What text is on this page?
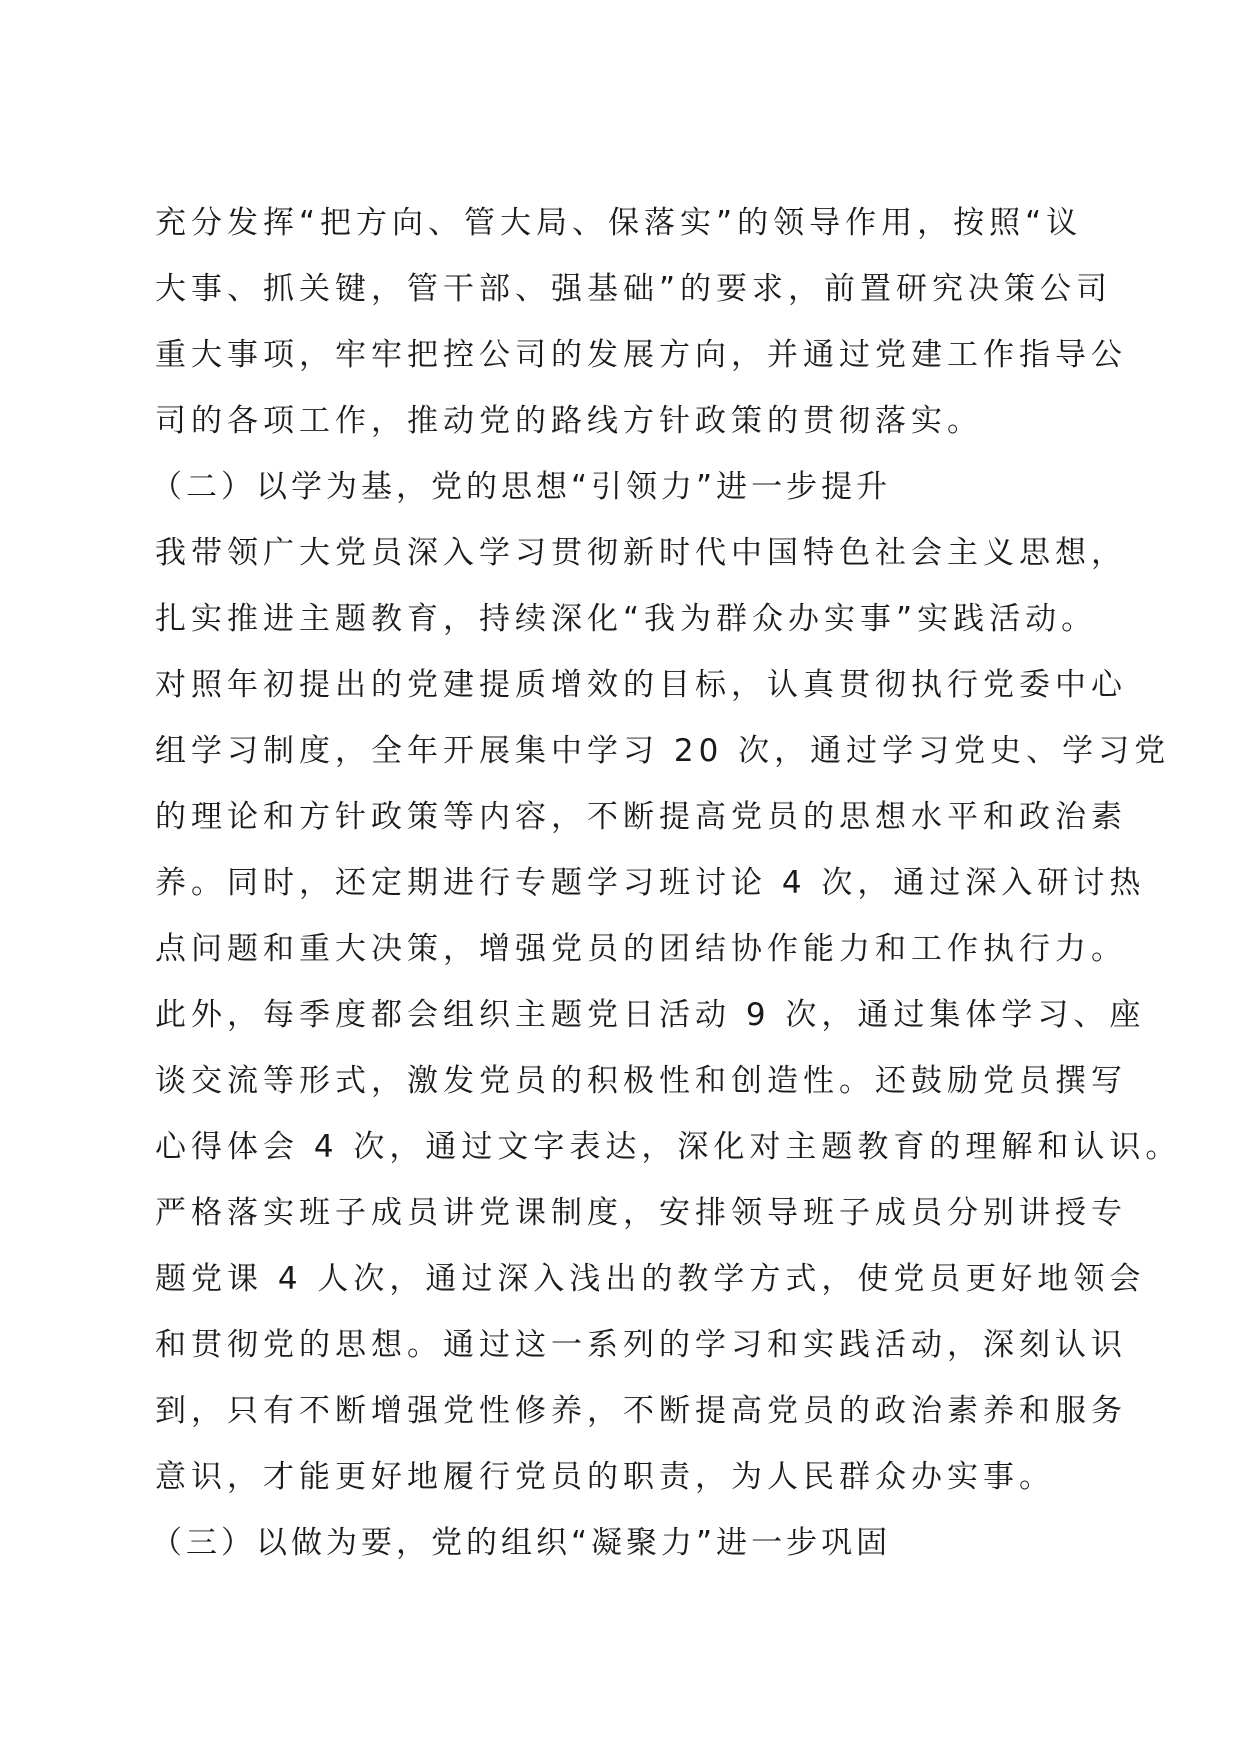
充分发挥“把方向、管大局、保落实”的领导作用，按照“议
大事、抓关键，管干部、强基础”的要求，前置研究决策公司
重大事项，牢牢把控公司的发展方向，并通过党建工作指导公
司的各项工作，推动党的路线方针政策的贯彻落实。
（二）以学为基，党的思想“引领力”进一步提升
我带领广大党员深入学习贯彻新时代中国特色社会主义思想，
扎实推进主题教育，持续深化“我为群众办实事”实践活动。
对照年初提出的党建提质增效的目标，认真贯彻执行党委中心
组学习制度，全年开展集中学习 20 次，通过学习党史、学习党
的理论和方针政策等内容，不断提高党员的思想水平和政治素
养。同时，还定期进行专题学习班讨论 4 次，通过深入研讨热
点问题和重大决策，增强党员的团结协作能力和工作执行力。
此外，每季度都会组织主题党日活动 9 次，通过集体学习、座
谈交流等形式，激发党员的积极性和创造性。还鼓励党员撰写
心得体会 4 次，通过文字表达，深化对主题教育的理解和认识。
严格落实班子成员讲党课制度，安排领导班子成员分别讲授专
题党课 4 人次，通过深入浅出的教学方式，使党员更好地领会
和贯彻党的思想。通过这一系列的学习和实践活动，深刻认识
到，只有不断增强党性修养，不断提高党员的政治素养和服务
意识，才能更好地履行党员的职责，为人民群众办实事。
（三）以做为要，党的组织“凝聚力”进一步巩固
